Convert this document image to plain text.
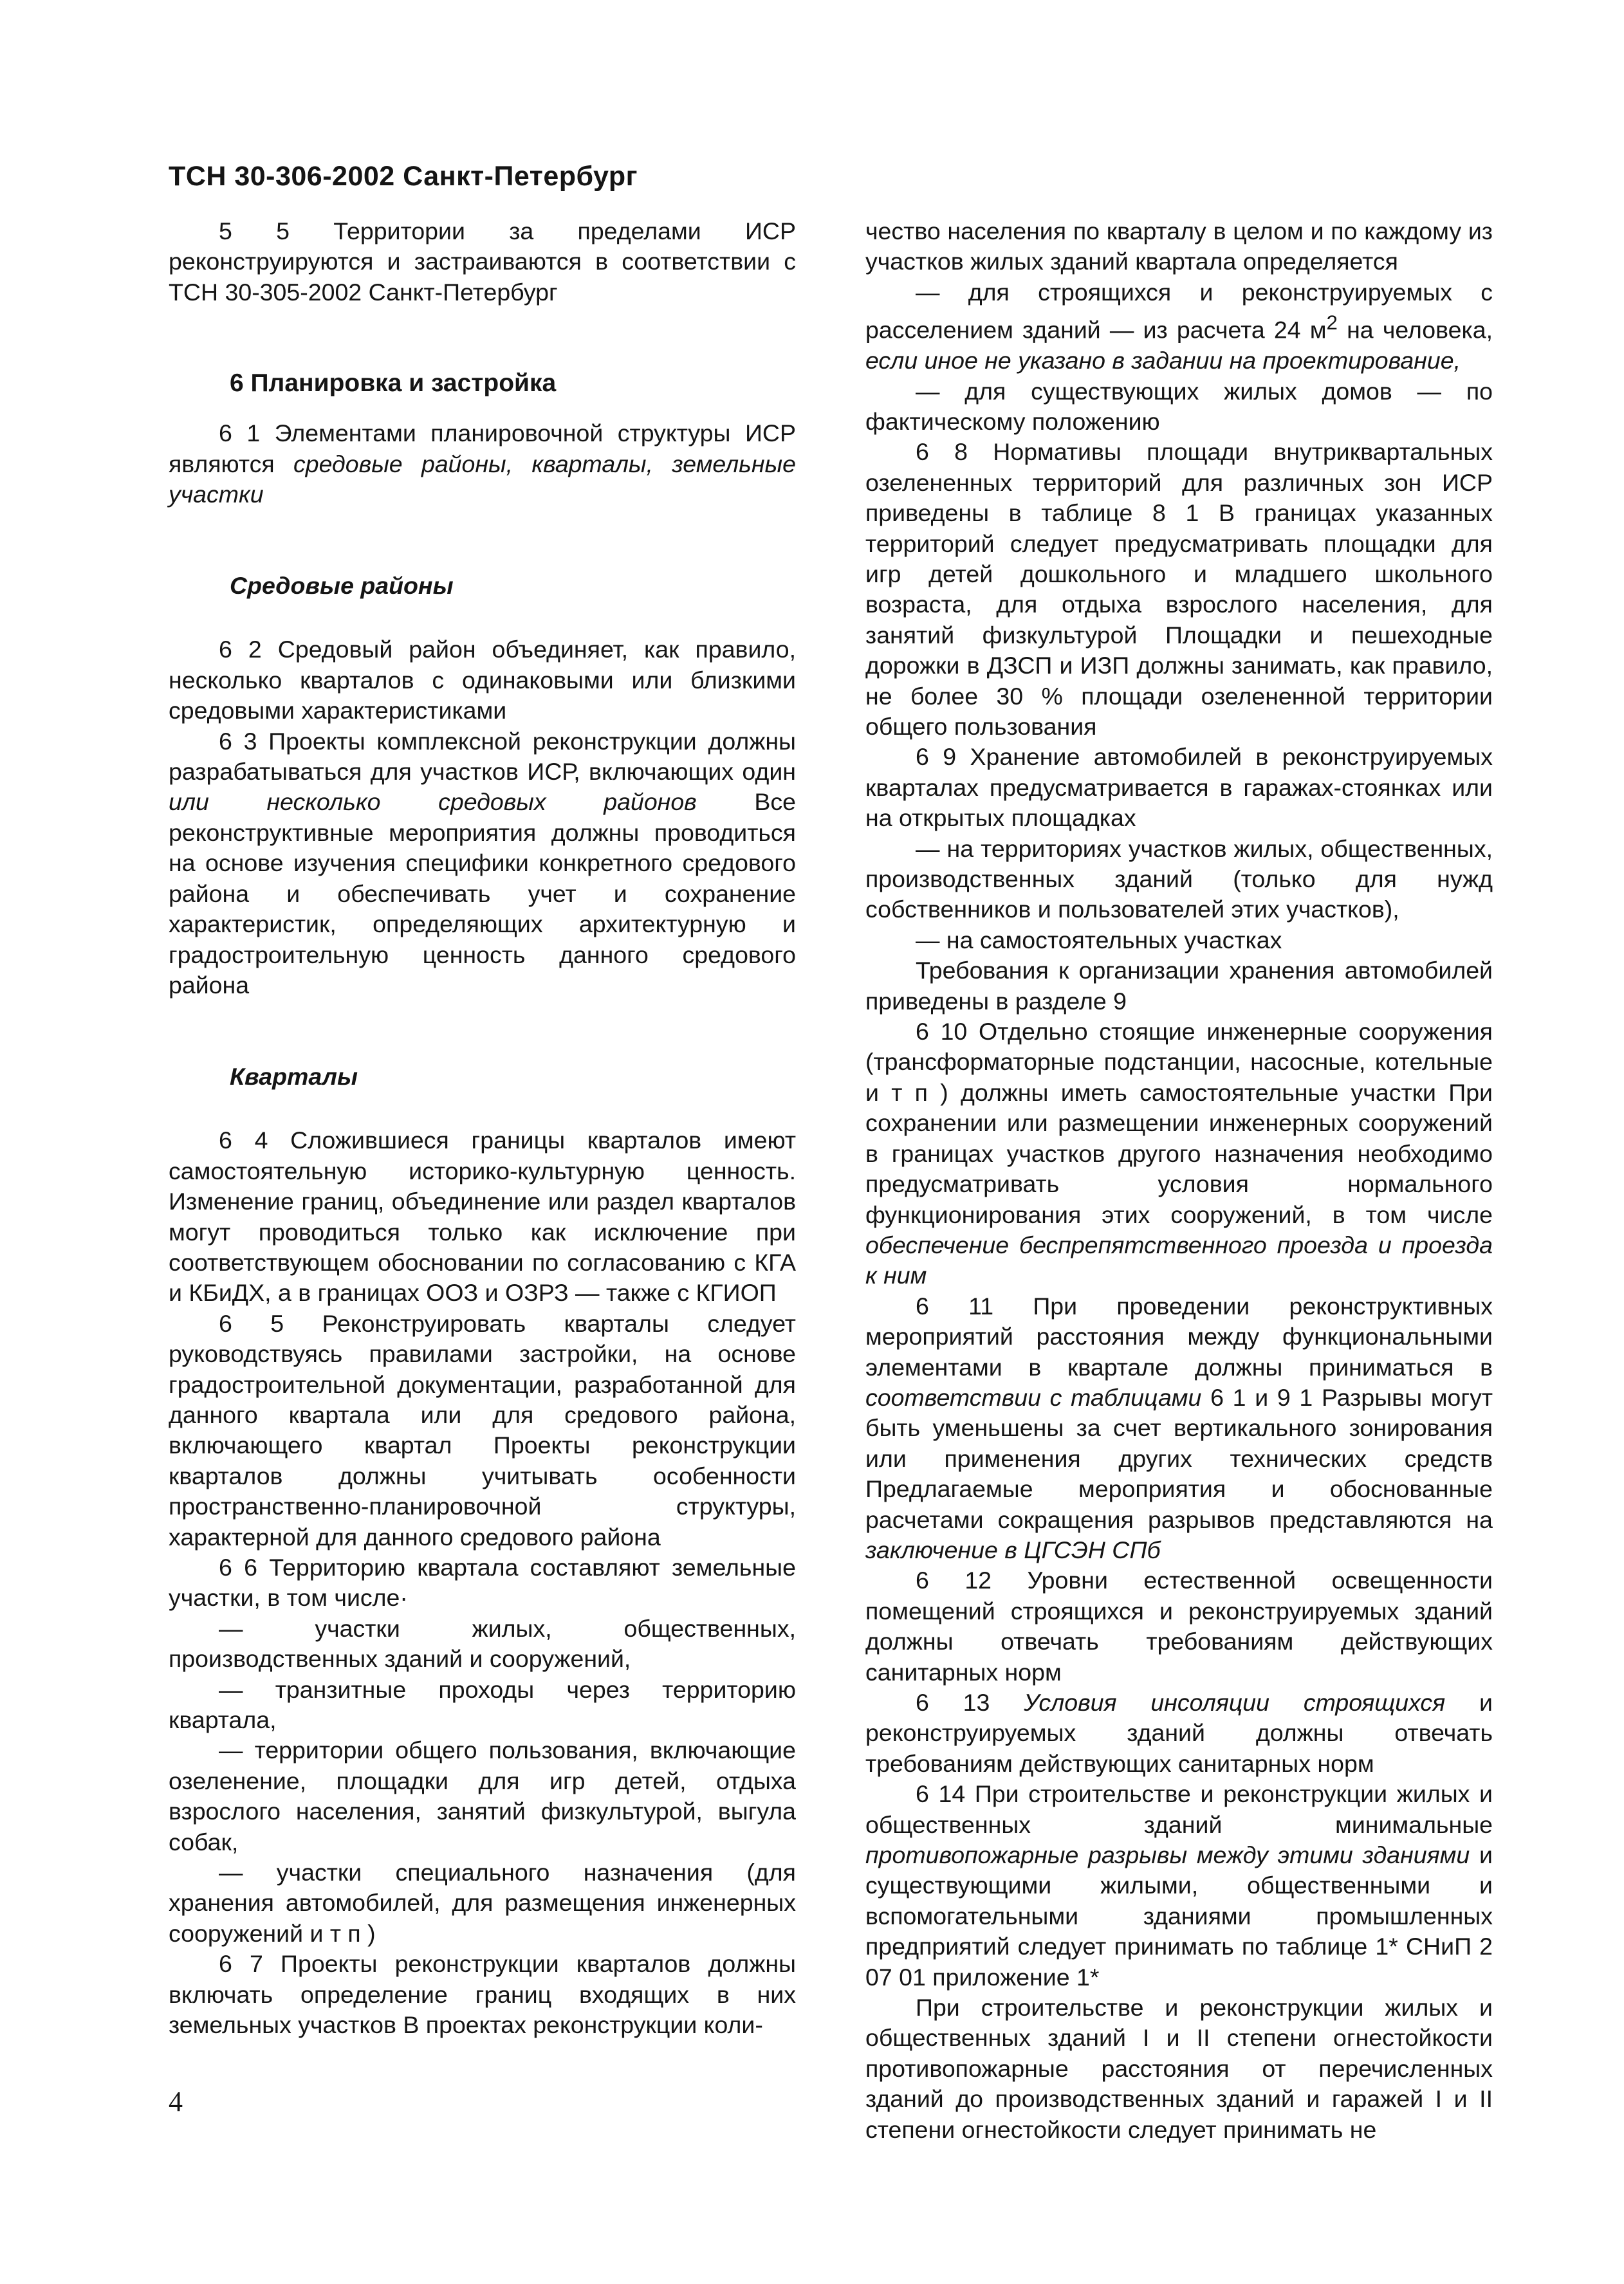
ТСН 30-306-2002 Санкт-Петербург

5 5 Территории за пределами ИСР реконструируются и застраиваются в соответствии с ТСН 30-305-2002 Санкт-Петербург

6 Планировка и застройка

6 1 Элементами планировочной структуры ИСР являются средовые районы, кварталы, земельные участки

Средовые районы

6 2 Средовый район объединяет, как правило, несколько кварталов с одинаковыми или близкими средовыми характеристиками

6 3 Проекты комплексной реконструкции должны разрабатываться для участков ИСР, включающих один или несколько средовых районов Все реконструктивные мероприятия должны проводиться на основе изучения специфики конкретного средового района и обеспечивать учет и сохранение характеристик, определяющих архитектурную и градостроительную ценность данного средового района

Кварталы

6 4 Сложившиеся границы кварталов имеют самостоятельную историко-культурную ценность. Изменение границ, объединение или раздел кварталов могут проводиться только как исключение при соответствующем обосновании по согласованию с КГА и КБиДХ, а в границах ООЗ и ОЗРЗ — также с КГИОП

6 5 Реконструировать кварталы следует руководствуясь правилами застройки, на основе градостроительной документации, разработанной для данного квартала или для средового района, включающего квартал Проекты реконструкции кварталов должны учитывать особенности пространственно-планировочной структуры, характерной для данного средового района

6 6 Территорию квартала составляют земельные участки, в том числе·

— участки жилых, общественных, производственных зданий и сооружений,

— транзитные проходы через территорию квартала,

— территории общего пользования, включающие озеленение, площадки для игр детей, отдыха взрослого населения, занятий физкультурой, выгула собак,

— участки специального назначения (для хранения автомобилей, для размещения инженерных сооружений и т п )

6 7 Проекты реконструкции кварталов должны включать определение границ входящих в них земельных участков В проектах реконструкции коли-

чество населения по кварталу в целом и по каждому из участков жилых зданий квартала определяется

— для строящихся и реконструируемых с расселением зданий — из расчета 24 $м^2$ на человека, если иное не указано в задании на проектирование,

— для существующих жилых домов — по фактическому положению

6 8 Нормативы площади внутриквартальных озелененных территорий для различных зон ИСР приведены в таблице 8 1 В границах указанных территорий следует предусматривать площадки для игр детей дошкольного и младшего школьного возраста, для отдыха взрослого населения, для занятий физкультурой Площадки и пешеходные дорожки в ДЗСП и ИЗП должны занимать, как правило, не более 30 % площади озелененной территории общего пользования

6 9 Хранение автомобилей в реконструируемых кварталах предусматривается в гаражах-стоянках или на открытых площадках

— на территориях участков жилых, общественных, производственных зданий (только для нужд собственников и пользователей этих участков),

— на самостоятельных участках

Требования к организации хранения автомобилей приведены в разделе 9

6 10 Отдельно стоящие инженерные сооружения (трансформаторные подстанции, насосные, котельные и т п ) должны иметь самостоятельные участки При сохранении или размещении инженерных сооружений в границах участков другого назначения необходимо предусматривать условия нормального функционирования этих сооружений, в том числе обеспечение беспрепятственного проезда и проезда к ним

6 11 При проведении реконструктивных мероприятий расстояния между функциональными элементами в квартале должны приниматься в соответствии с таблицами 6 1 и 9 1 Разрывы могут быть уменьшены за счет вертикального зонирования или применения других технических средств Предлагаемые мероприятия и обоснованные расчетами сокращения разрывов представляются на заключение в ЦГСЭН СПб

6 12 Уровни естественной освещенности помещений строящихся и реконструируемых зданий должны отвечать требованиям действующих санитарных норм

6 13 Условия инсоляции строящихся и реконструируемых зданий должны отвечать требованиям действующих санитарных норм

6 14 При строительстве и реконструкции жилых и общественных зданий минимальные противопожарные разрывы между этими зданиями и существующими жилыми, общественными и вспомогательными зданиями промышленных предприятий следует принимать по таблице 1* СНиП 2 07 01 приложение 1*

При строительстве и реконструкции жилых и общественных зданий I и II степени огнестойкости противопожарные расстояния от перечисленных зданий до производственных зданий и гаражей I и II степени огнестойкости следует принимать не

4
